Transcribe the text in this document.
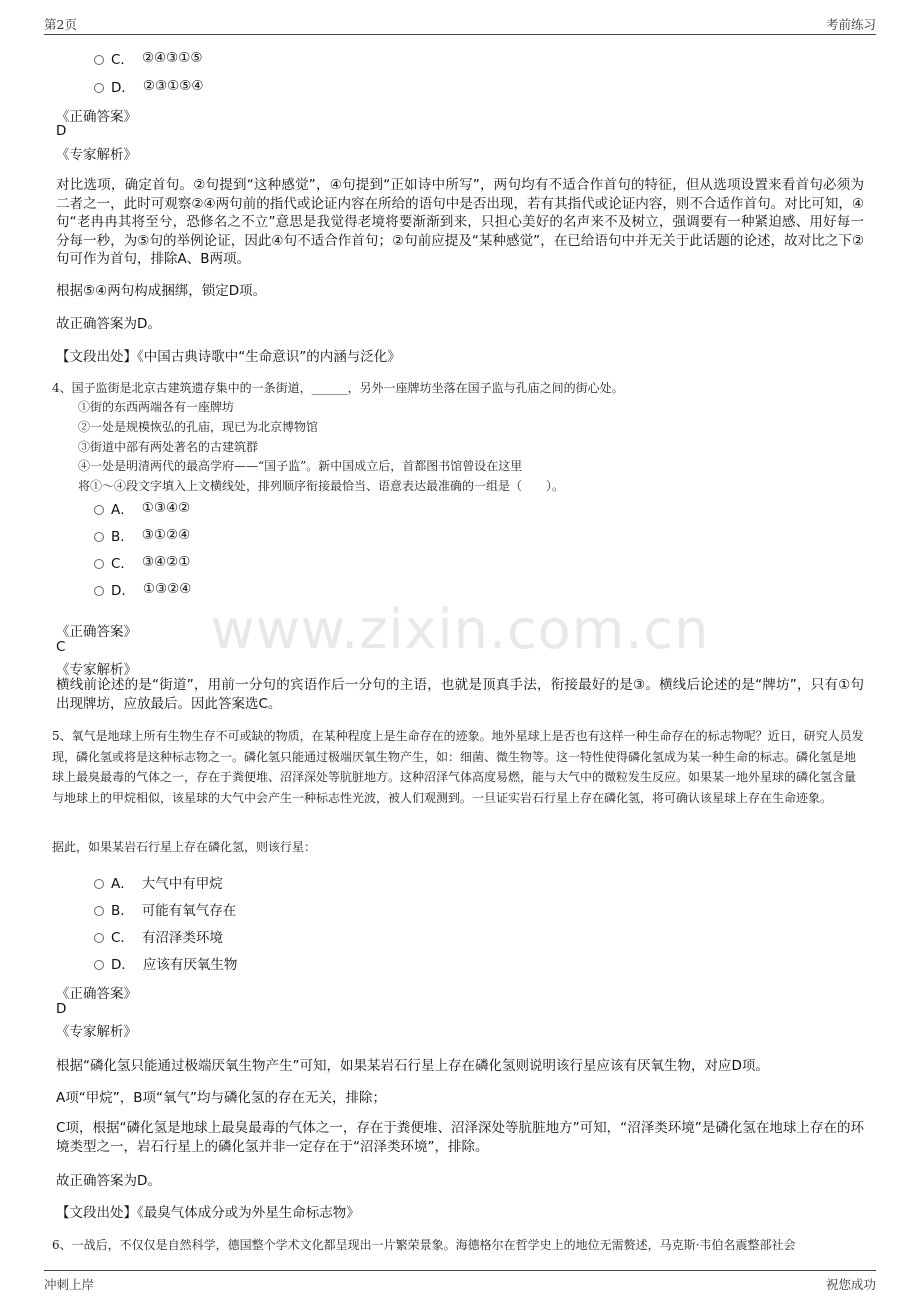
第2页	考前练习
C． ②④③①⑤
D． ②③①⑤④
《正确答案》
D
《专家解析》
对比选项，确定首句。②句提到“这种感觉”，④句提到“正如诗中所写”，两句均有不适合作首句的特征，但从选项设置来看首句必须为二者之一，此时可观察②④两句前的指代或论证内容在所给的语句中是否出现，若有其指代或论证内容，则不合适作首句。对比可知，④句“老冉冉其将至兮，恐修名之不立”意思是我觉得老境将要渐渐到来，只担心美好的名声来不及树立，强调要有一种紧迫感、用好每一分每一秒，为⑤句的举例论证，因此④句不适合作首句；②句前应提及“某种感觉”，在已给语句中并无关于此话题的论述，故对比之下②句可作为首句，排除A、B两项。
根据⑤④两句构成捆绑，锁定D项。
故正确答案为D。
【文段出处】《中国古典诗歌中“生命意识”的内涵与泛化》
4、国子监街是北京古建筑遗存集中的一条街道，______，另外一座牌坊坐落在国子监与孔庙之间的街心处。
①街的东西两端各有一座牌坊
②一处是规模恢弘的孔庙，现已为北京博物馆
③街道中部有两处著名的古建筑群
④一处是明清两代的最高学府——“国子监”。新中国成立后，首都图书馆曾设在这里
将①～④段文字填入上文横线处，排列顺序衔接最恰当、语意表达最准确的一组是（　　）。
A． ①③④②
B． ③①②④
C． ③④②①
D． ①③②④
《正确答案》
C
《专家解析》
横线前论述的是“街道”，用前一分句的宾语作后一分句的主语，也就是顶真手法，衔接最好的是③。横线后论述的是“牌坊”，只有①句出现牌坊，应放最后。因此答案选C。
5、氧气是地球上所有生物生存不可或缺的物质，在某种程度上是生命存在的迹象。地外星球上是否也有这样一种生命存在的标志物呢？近日，研究人员发现，磷化氢或将是这种标志物之一。磷化氢只能通过极端厌氧生物产生，如：细菌、微生物等。这一特性使得磷化氢成为某一种生命的标志。磷化氢是地球上最臭最毒的气体之一，存在于粪便堆、沼泽深处等肮脏地方。这种沼泽气体高度易燃，能与大气中的微粒发生反应。如果某一地外星球的磷化氢含量与地球上的甲烷相似，该星球的大气中会产生一种标志性光波，被人们观测到。一旦证实岩石行星上存在磷化氢，将可确认该星球上存在生命迹象。
据此，如果某岩石行星上存在磷化氢，则该行星：
A． 大气中有甲烷
B． 可能有氧气存在
C． 有沼泽类环境
D． 应该有厌氧生物
《正确答案》
D
《专家解析》
根据“磷化氢只能通过极端厌氧生物产生”可知，如果某岩石行星上存在磷化氢则说明该行星应该有厌氧生物，对应D项。
A项“甲烷”，B项“氧气”均与磷化氢的存在无关，排除；
C项，根据“磷化氢是地球上最臭最毒的气体之一，存在于粪便堆、沼泽深处等肮脏地方”可知，“沼泽类环境”是磷化氢在地球上存在的环境类型之一，岩石行星上的磷化氢并非一定存在于“沼泽类环境”，排除。
故正确答案为D。
【文段出处】《最臭气体成分或为外星生命标志物》
6、一战后，不仅仅是自然科学，德国整个学术文化都呈现出一片繁荣景象。海德格尔在哲学史上的地位无需赘述，马克斯·韦伯名震整部社会
www.zixin.com.cn
冲刺上岸	祝您成功
